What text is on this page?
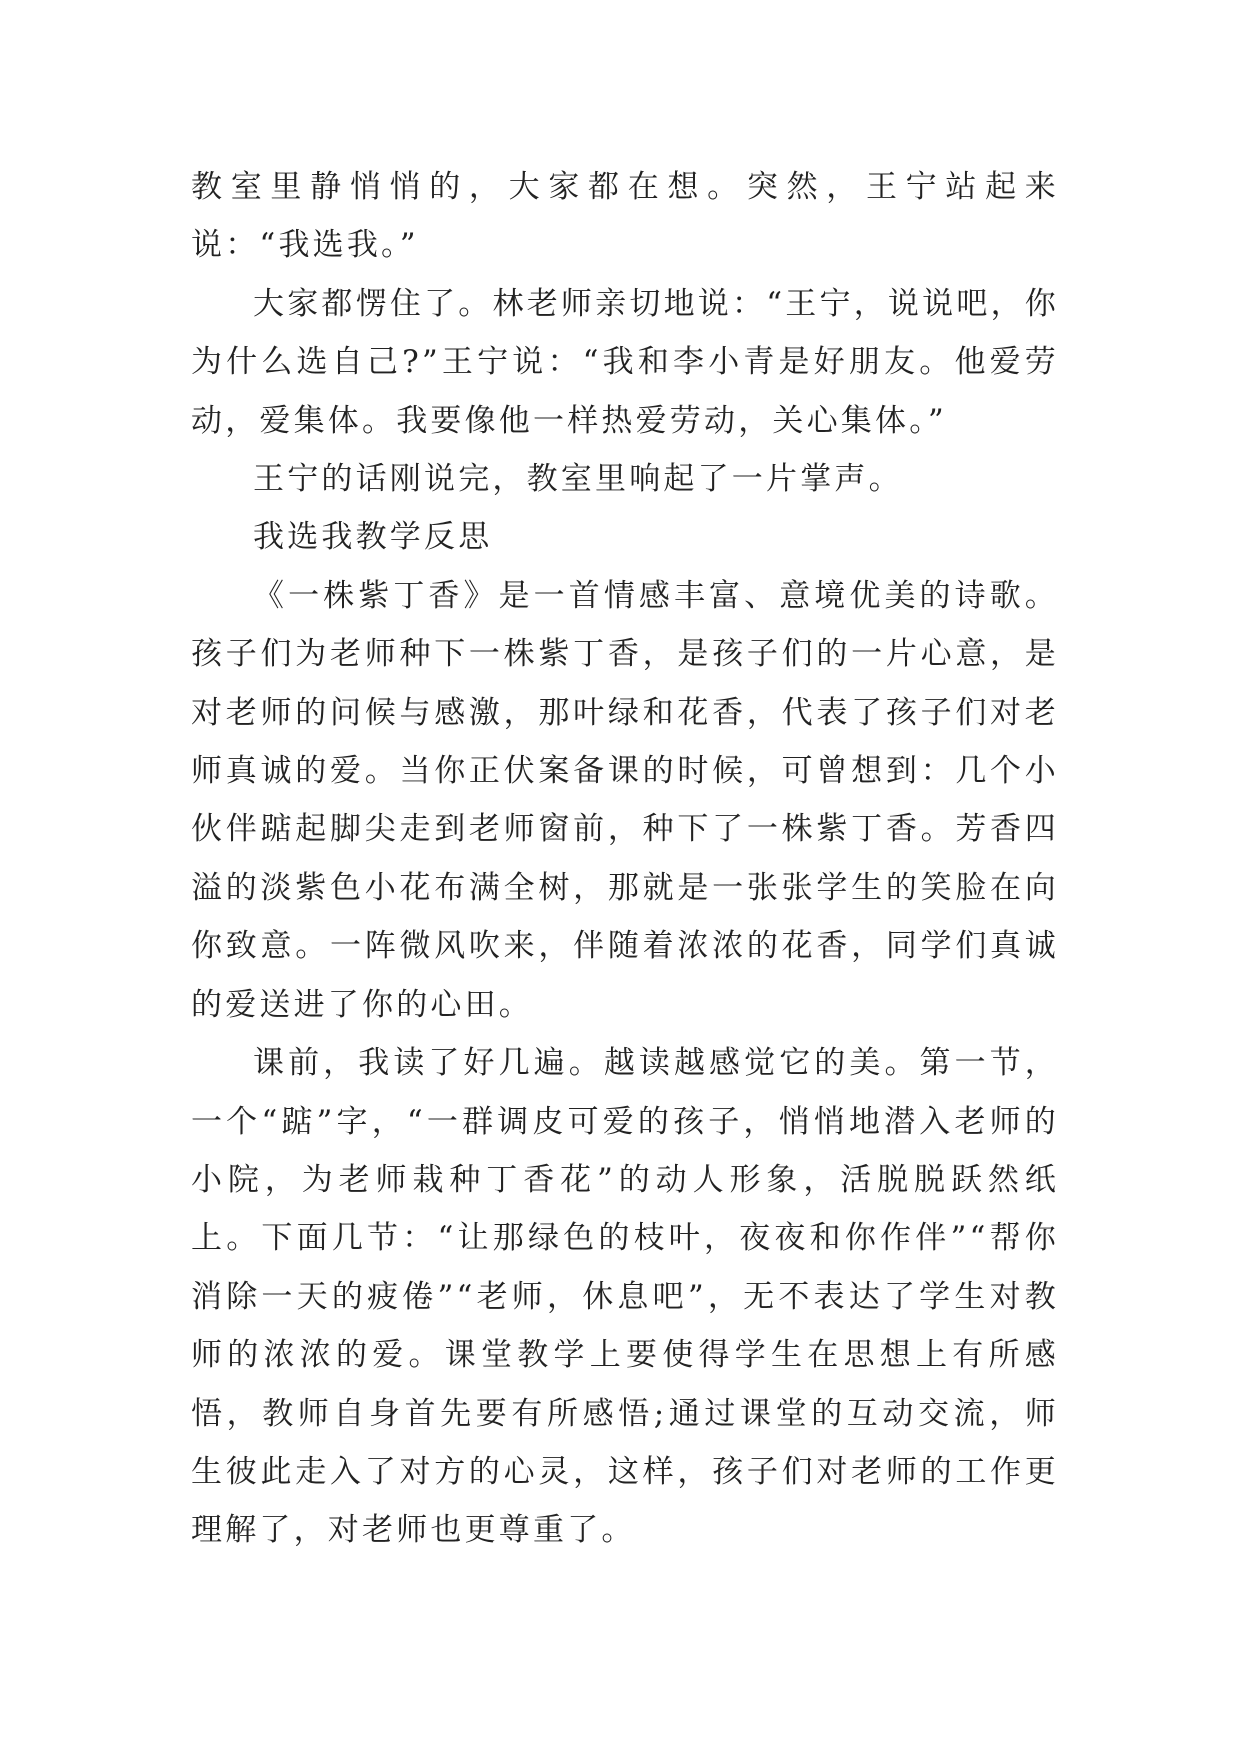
教室里静悄悄的，大家都在想。突然，王宁站起来说：“我选我。”

大家都愣住了。林老师亲切地说：“王宁，说说吧，你为什么选自己?”王宁说：“我和李小青是好朋友。他爱劳动，爱集体。我要像他一样热爱劳动，关心集体。”

王宁的话刚说完，教室里响起了一片掌声。

我选我教学反思

《一株紫丁香》是一首情感丰富、意境优美的诗歌。孩子们为老师种下一株紫丁香，是孩子们的一片心意，是对老师的问候与感激，那叶绿和花香，代表了孩子们对老师真诚的爱。当你正伏案备课的时候，可曾想到：几个小伙伴踮起脚尖走到老师窗前，种下了一株紫丁香。芳香四溢的淡紫色小花布满全树，那就是一张张学生的笑脸在向你致意。一阵微风吹来，伴随着浓浓的花香，同学们真诚的爱送进了你的心田。

课前，我读了好几遍。越读越感觉它的美。第一节，一个“踮”字，“一群调皮可爱的孩子，悄悄地潜入老师的小院，为老师栽种丁香花”的动人形象，活脱脱跃然纸上。下面几节：“让那绿色的枝叶，夜夜和你作伴”“帮你消除一天的疲倦”“老师，休息吧”，无不表达了学生对教师的浓浓的爱。课堂教学上要使得学生在思想上有所感悟，教师自身首先要有所感悟;通过课堂的互动交流，师生彼此走入了对方的心灵，这样，孩子们对老师的工作更理解了，对老师也更尊重了。
